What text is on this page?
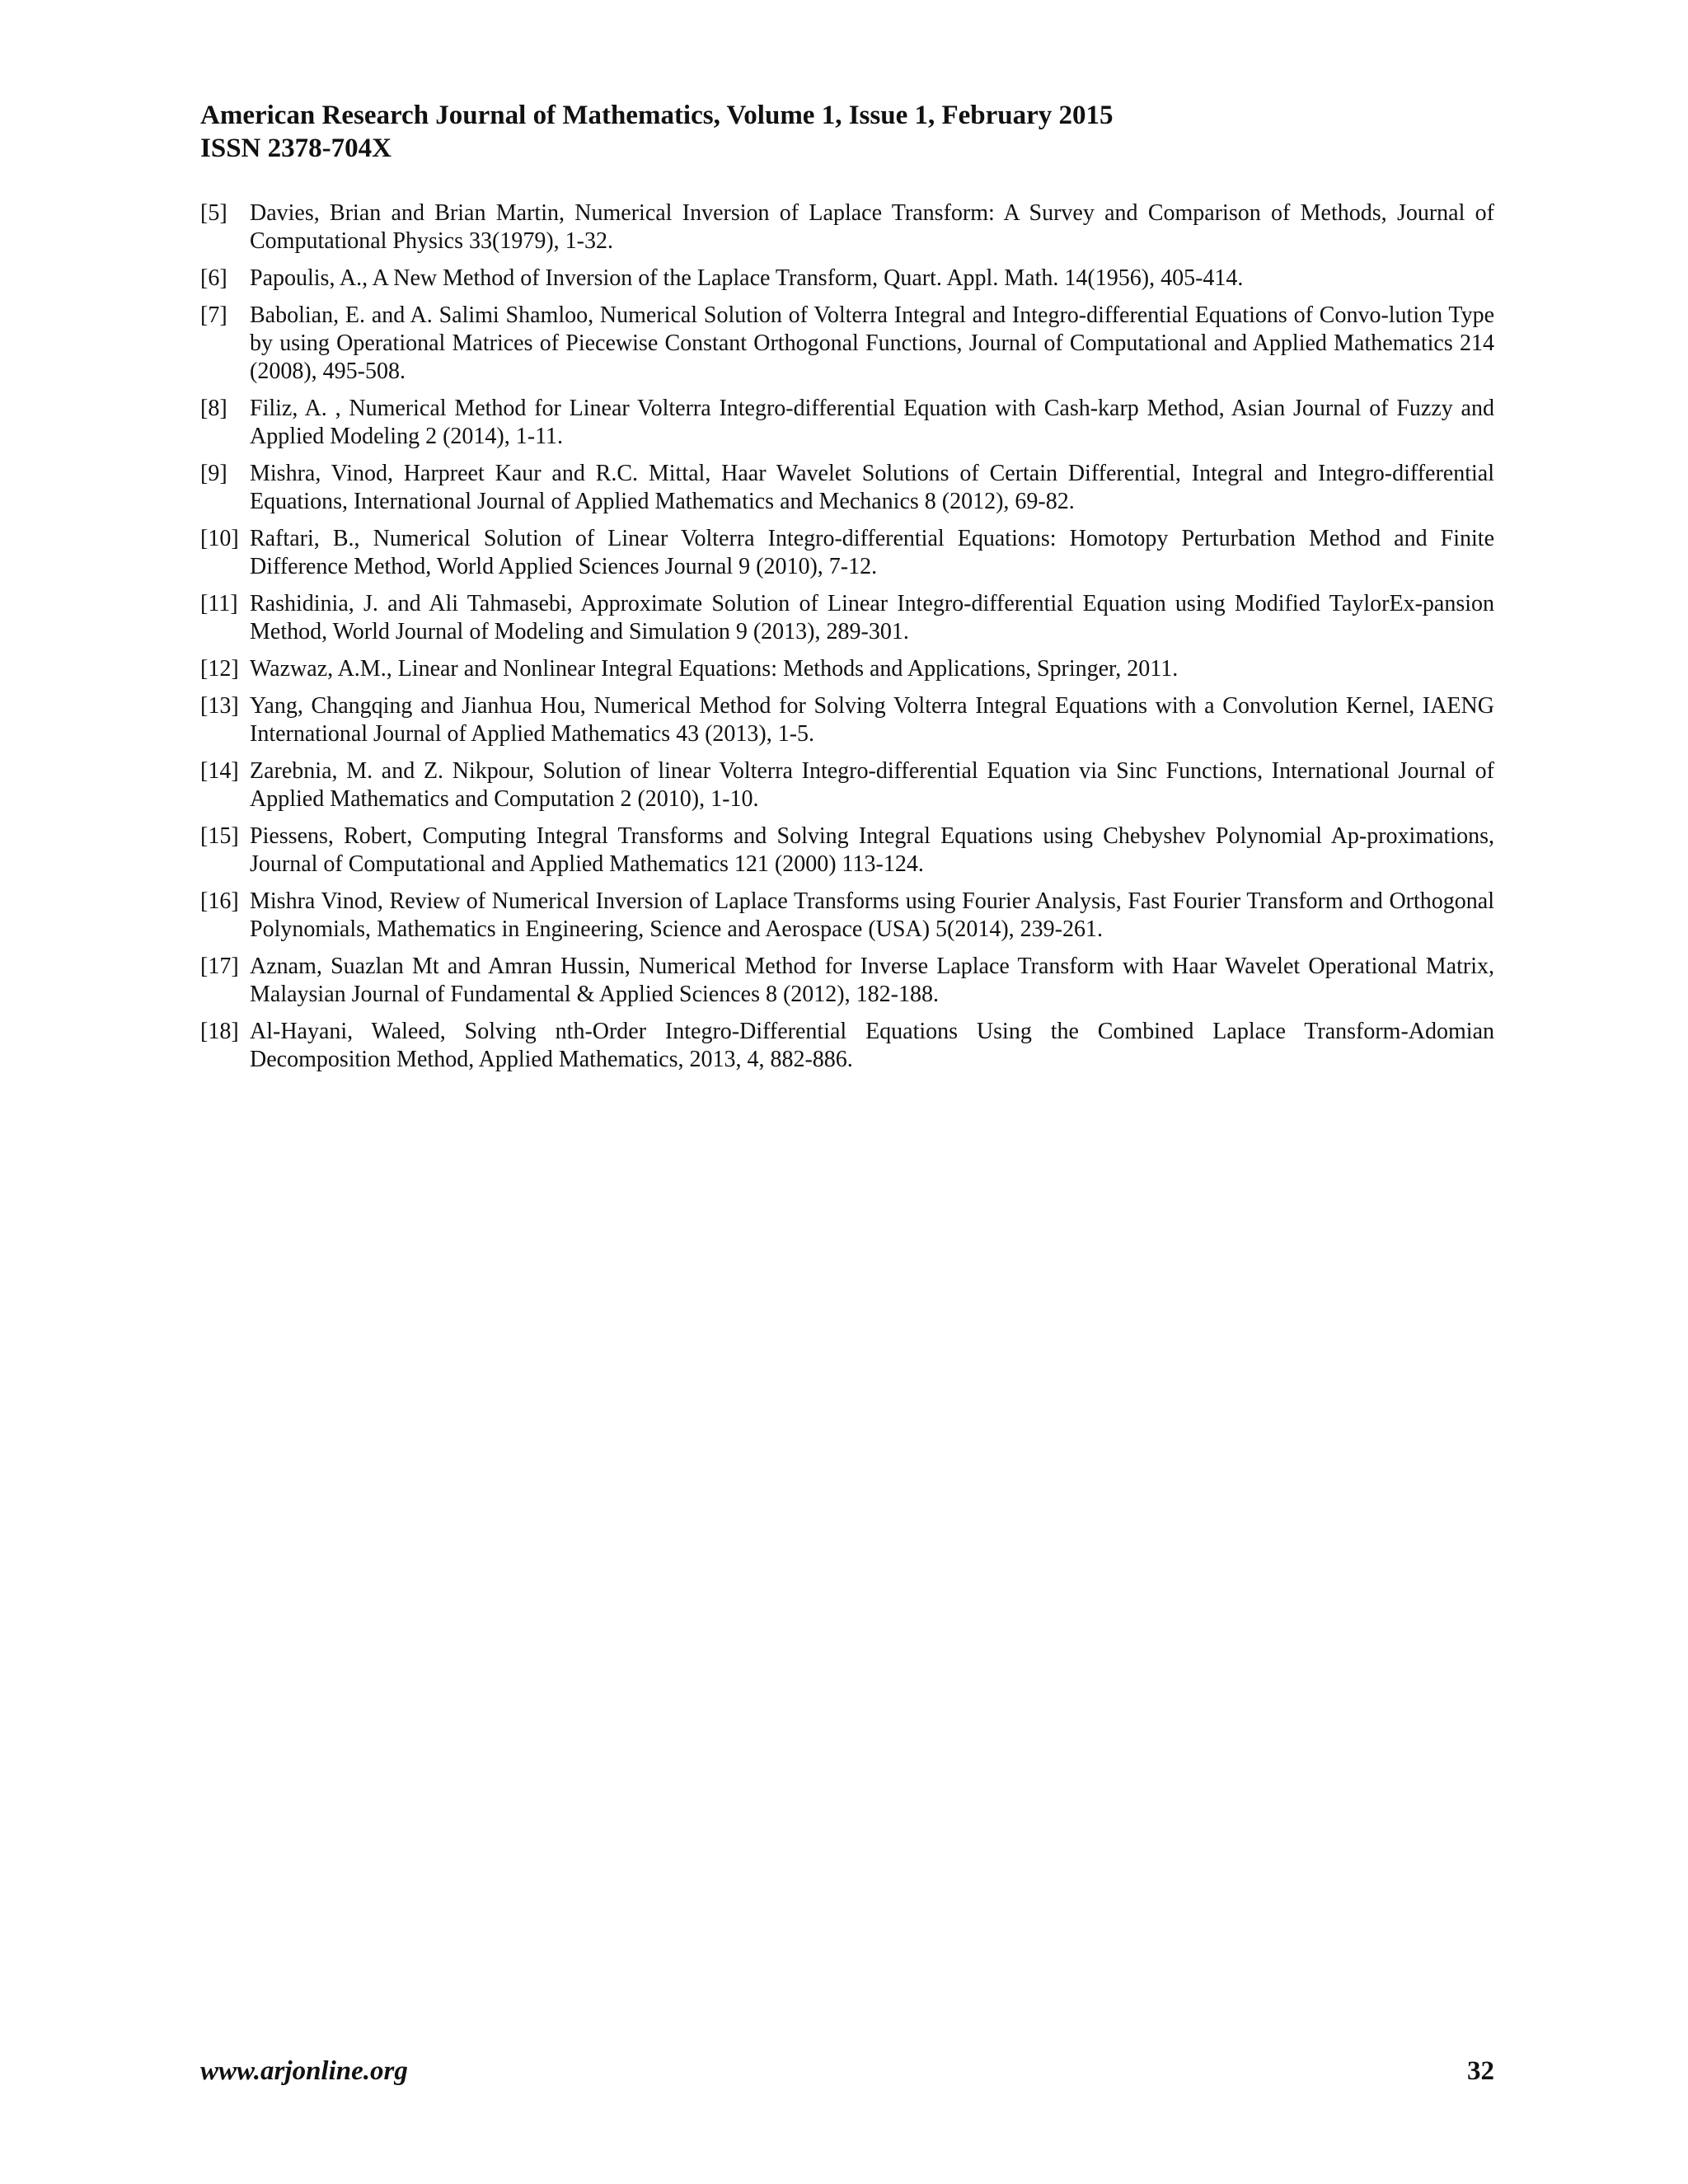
American Research Journal of Mathematics, Volume 1, Issue 1, February 2015
ISSN 2378-704X
[5] Davies, Brian and Brian Martin, Numerical Inversion of Laplace Transform: A Survey and Comparison of Methods, Journal of Computational Physics 33(1979), 1-32.
[6] Papoulis, A., A New Method of Inversion of the Laplace Transform, Quart. Appl. Math. 14(1956), 405-414.
[7] Babolian, E. and A. Salimi Shamloo, Numerical Solution of Volterra Integral and Integro-differential Equations of Convo-lution Type by using Operational Matrices of Piecewise Constant Orthogonal Functions, Journal of Computational and Applied Mathematics 214 (2008), 495-508.
[8] Filiz, A. , Numerical Method for Linear Volterra Integro-differential Equation with Cash-karp Method, Asian Journal of Fuzzy and Applied Modeling 2 (2014), 1-11.
[9] Mishra, Vinod, Harpreet Kaur and R.C. Mittal, Haar Wavelet Solutions of Certain Differential, Integral and Integro-differential Equations, International Journal of Applied Mathematics and Mechanics 8 (2012), 69-82.
[10] Raftari, B., Numerical Solution of Linear Volterra Integro-differential Equations: Homotopy Perturbation Method and Finite Difference Method, World Applied Sciences Journal 9 (2010), 7-12.
[11] Rashidinia, J. and Ali Tahmasebi, Approximate Solution of Linear Integro-differential Equation using Modified TaylorEx-pansion Method, World Journal of Modeling and Simulation 9 (2013), 289-301.
[12] Wazwaz, A.M., Linear and Nonlinear Integral Equations: Methods and Applications, Springer, 2011.
[13] Yang, Changqing and Jianhua Hou, Numerical Method for Solving Volterra Integral Equations with a Convolution Kernel, IAENG International Journal of Applied Mathematics 43 (2013), 1-5.
[14] Zarebnia, M. and Z. Nikpour, Solution of linear Volterra Integro-differential Equation via Sinc Functions, International Journal of Applied Mathematics and Computation 2 (2010), 1-10.
[15] Piessens, Robert, Computing Integral Transforms and Solving Integral Equations using Chebyshev Polynomial Ap-proximations, Journal of Computational and Applied Mathematics 121 (2000) 113-124.
[16] Mishra Vinod, Review of Numerical Inversion of Laplace Transforms using Fourier Analysis, Fast Fourier Transform and Orthogonal Polynomials, Mathematics in Engineering, Science and Aerospace (USA) 5(2014), 239-261.
[17] Aznam, Suazlan Mt and Amran Hussin, Numerical Method for Inverse Laplace Transform with Haar Wavelet Operational Matrix, Malaysian Journal of Fundamental & Applied Sciences 8 (2012), 182-188.
[18] Al-Hayani, Waleed, Solving nth-Order Integro-Differential Equations Using the Combined Laplace Transform-Adomian Decomposition Method, Applied Mathematics, 2013, 4, 882-886.
www.arjonline.org	32
